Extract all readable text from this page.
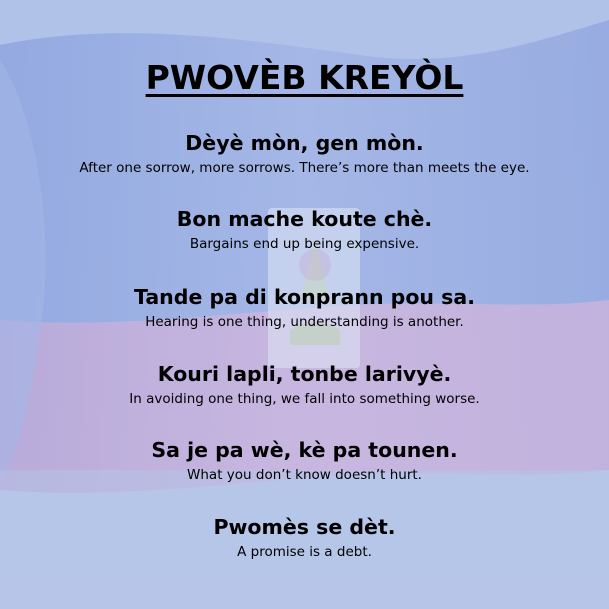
PWOVÈB KREYÒL
Dèyè mòn, gen mòn.
After one sorrow, more sorrows. There’s more than meets the eye.
Bon mache koute chè.
Bargains end up being expensive.
Tande pa di konprann pou sa.
Hearing is one thing, understanding is another.
Kouri lapli, tonbe larivyè.
In avoiding one thing, we fall into something worse.
Sa je pa wè, kè pa tounen.
What you don’t know doesn’t hurt.
Pwomès se dèt.
A promise is a debt.
